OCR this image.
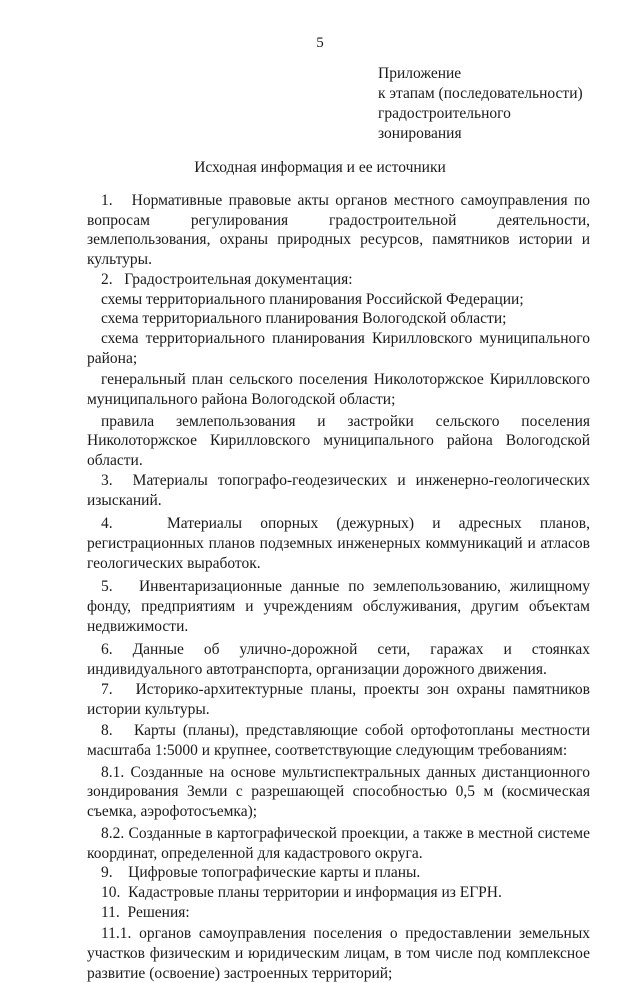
5
Приложение
к этапам (последовательности)
градостроительного
зонирования
Исходная информация и ее источники
1.   Нормативные правовые акты органов местного самоуправления по вопросам регулирования градостроительной деятельности, землепользования, охраны природных ресурсов, памятников истории и культуры.
2.   Градостроительная документация:
схемы территориального планирования Российской Федерации;
схема территориального планирования Вологодской области;
схема территориального планирования Кирилловского муниципального района;
генеральный план сельского поселения Николоторжское Кирилловского муниципального района Вологодской области;
правила землепользования и застройки сельского поселения Николоторжское Кирилловского муниципального района Вологодской области.
3.  Материалы топографо-геодезических и инженерно-геологических изысканий.
4.   Материалы опорных (дежурных) и адресных планов, регистрационных планов подземных инженерных коммуникаций и атласов геологических выработок.
5.   Инвентаризационные данные по землепользованию, жилищному фонду, предприятиям и учреждениям обслуживания, другим объектам недвижимости.
6. Данные об улично-дорожной сети, гаражах и стоянках индивидуального автотранспорта, организации дорожного движения.
7.   Историко-архитектурные планы, проекты зон охраны памятников истории культуры.
8.   Карты (планы), представляющие собой ортофотопланы местности масштаба 1:5000 и крупнее, соответствующие следующим требованиям:
8.1. Созданные на основе мультиспектральных данных дистанционного зондирования Земли с разрешающей способностью 0,5 м (космическая съемка, аэрофотосъемка);
8.2. Созданные в картографической проекции, а также в местной системе координат, определенной для кадастрового округа.
9.    Цифровые топографические карты и планы.
10.  Кадастровые планы территории и информация из ЕГРН.
11.  Решения:
11.1. органов самоуправления поселения о предоставлении земельных участков физическим и юридическим лицам, в том числе под комплексное развитие (освоение) застроенных территорий;
